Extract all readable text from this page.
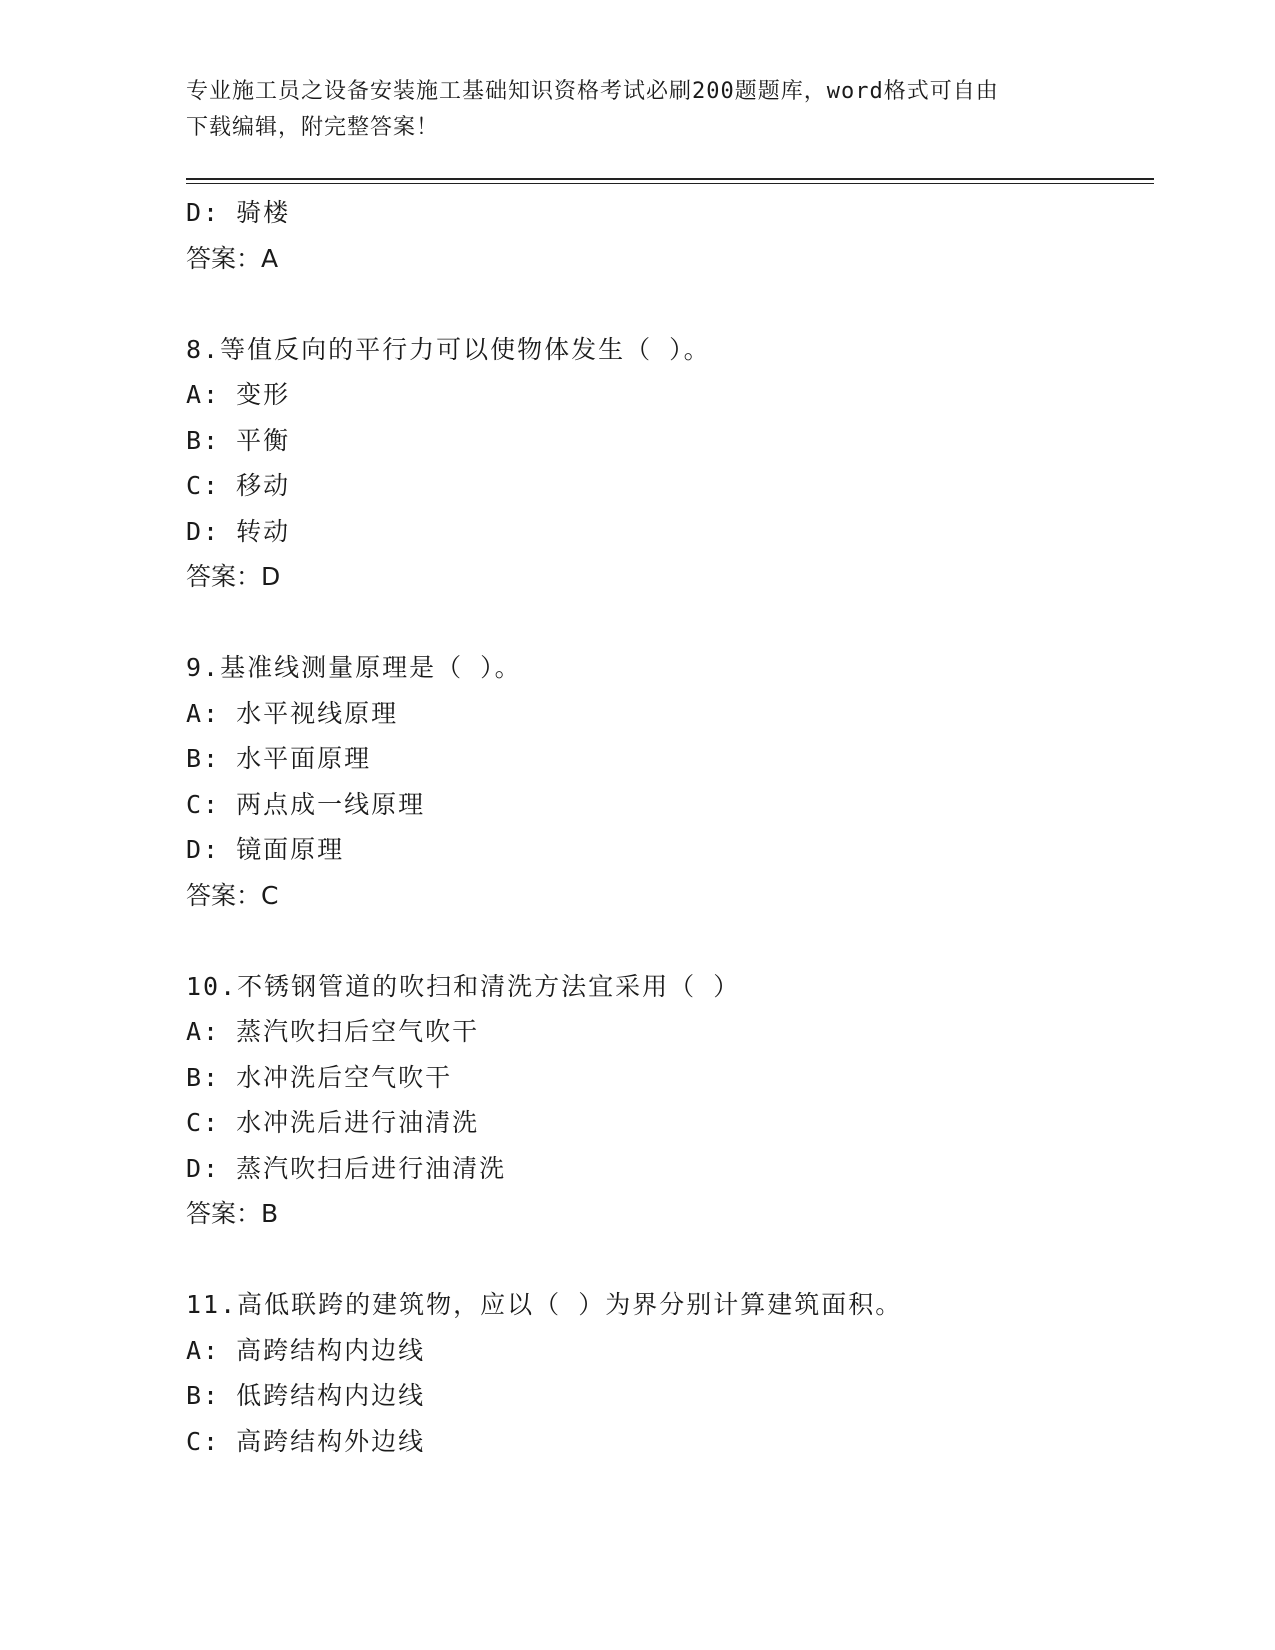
专业施工员之设备安装施工基础知识资格考试必刷200题题库，word格式可自由
下载编辑，附完整答案！
D: 骑楼
答案：A
8.等值反向的平行力可以使物体发生（ ）。
A: 变形
B: 平衡
C: 移动
D: 转动
答案：D
9.基准线测量原理是（ ）。
A: 水平视线原理
B: 水平面原理
C: 两点成一线原理
D: 镜面原理
答案：C
10.不锈钢管道的吹扫和清洗方法宜采用（ ）
A: 蒸汽吹扫后空气吹干
B: 水冲洗后空气吹干
C: 水冲洗后进行油清洗
D: 蒸汽吹扫后进行油清洗
答案：B
11.高低联跨的建筑物，应以（ ）为界分别计算建筑面积。
A: 高跨结构内边线
B: 低跨结构内边线
C: 高跨结构外边线
